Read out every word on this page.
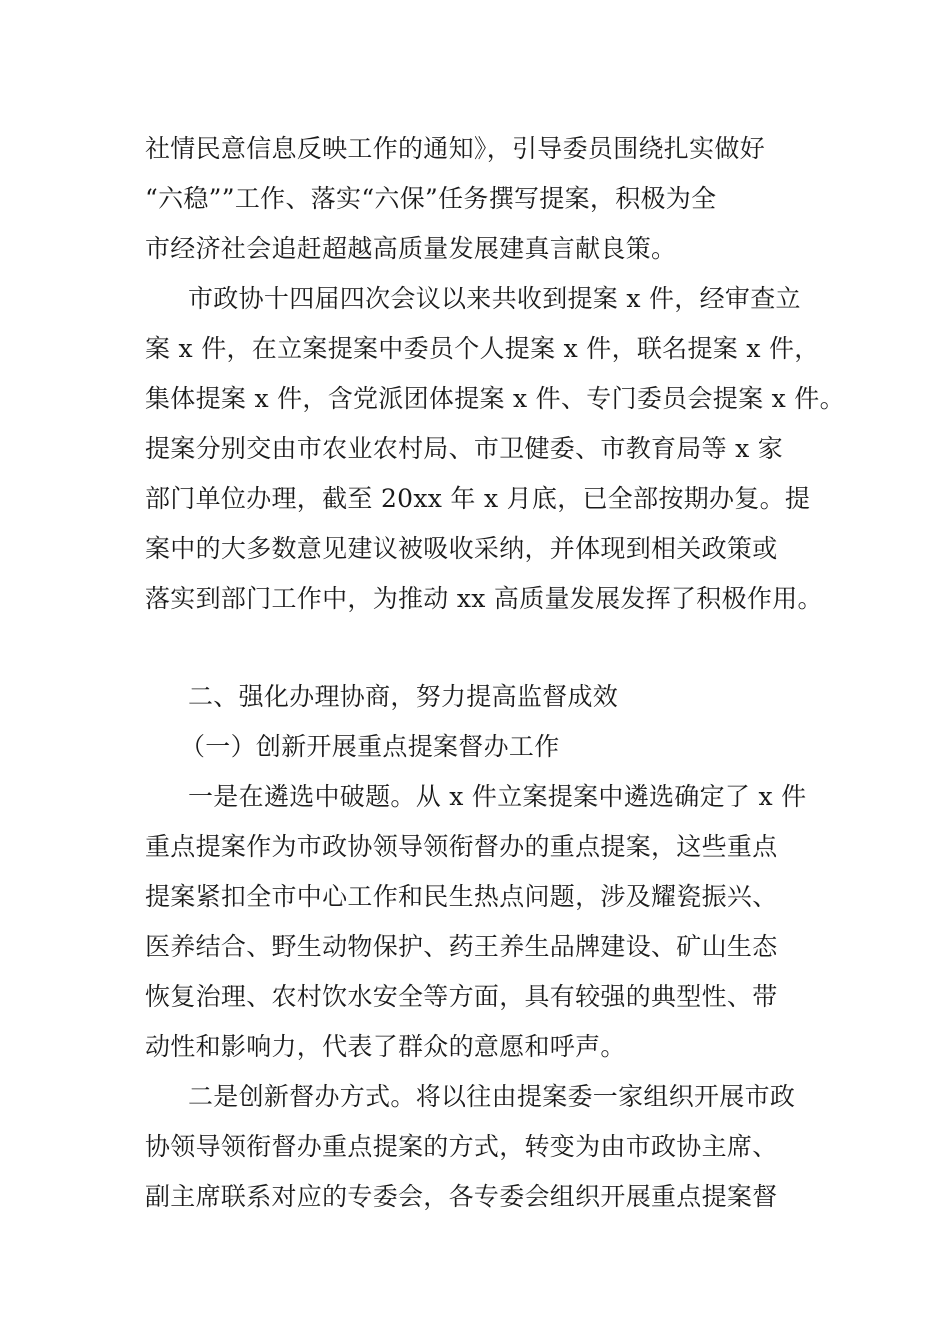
社情民意信息反映工作的通知》，引导委员围绕扎实做好
“六稳””工作、落实“六保”任务撰写提案，积极为全
市经济社会追赶超越高质量发展建真言献良策。
市政协十四届四次会议以来共收到提案 x 件，经审查立
案 x 件，在立案提案中委员个人提案 x 件，联名提案 x 件，
集体提案 x 件，含党派团体提案 x 件、专门委员会提案 x 件。
提案分别交由市农业农村局、市卫健委、市教育局等 x 家
部门单位办理，截至 20xx 年 x 月底，已全部按期办复。提
案中的大多数意见建议被吸收采纳，并体现到相关政策或
落实到部门工作中，为推动 xx 高质量发展发挥了积极作用。
二、强化办理协商，努力提高监督成效
（一）创新开展重点提案督办工作
一是在遴选中破题。从 x 件立案提案中遴选确定了 x 件
重点提案作为市政协领导领衔督办的重点提案，这些重点
提案紧扣全市中心工作和民生热点问题，涉及耀瓷振兴、
医养结合、野生动物保护、药王养生品牌建设、矿山生态
恢复治理、农村饮水安全等方面，具有较强的典型性、带
动性和影响力，代表了群众的意愿和呼声。
二是创新督办方式。将以往由提案委一家组织开展市政
协领导领衔督办重点提案的方式，转变为由市政协主席、
副主席联系对应的专委会，各专委会组织开展重点提案督
